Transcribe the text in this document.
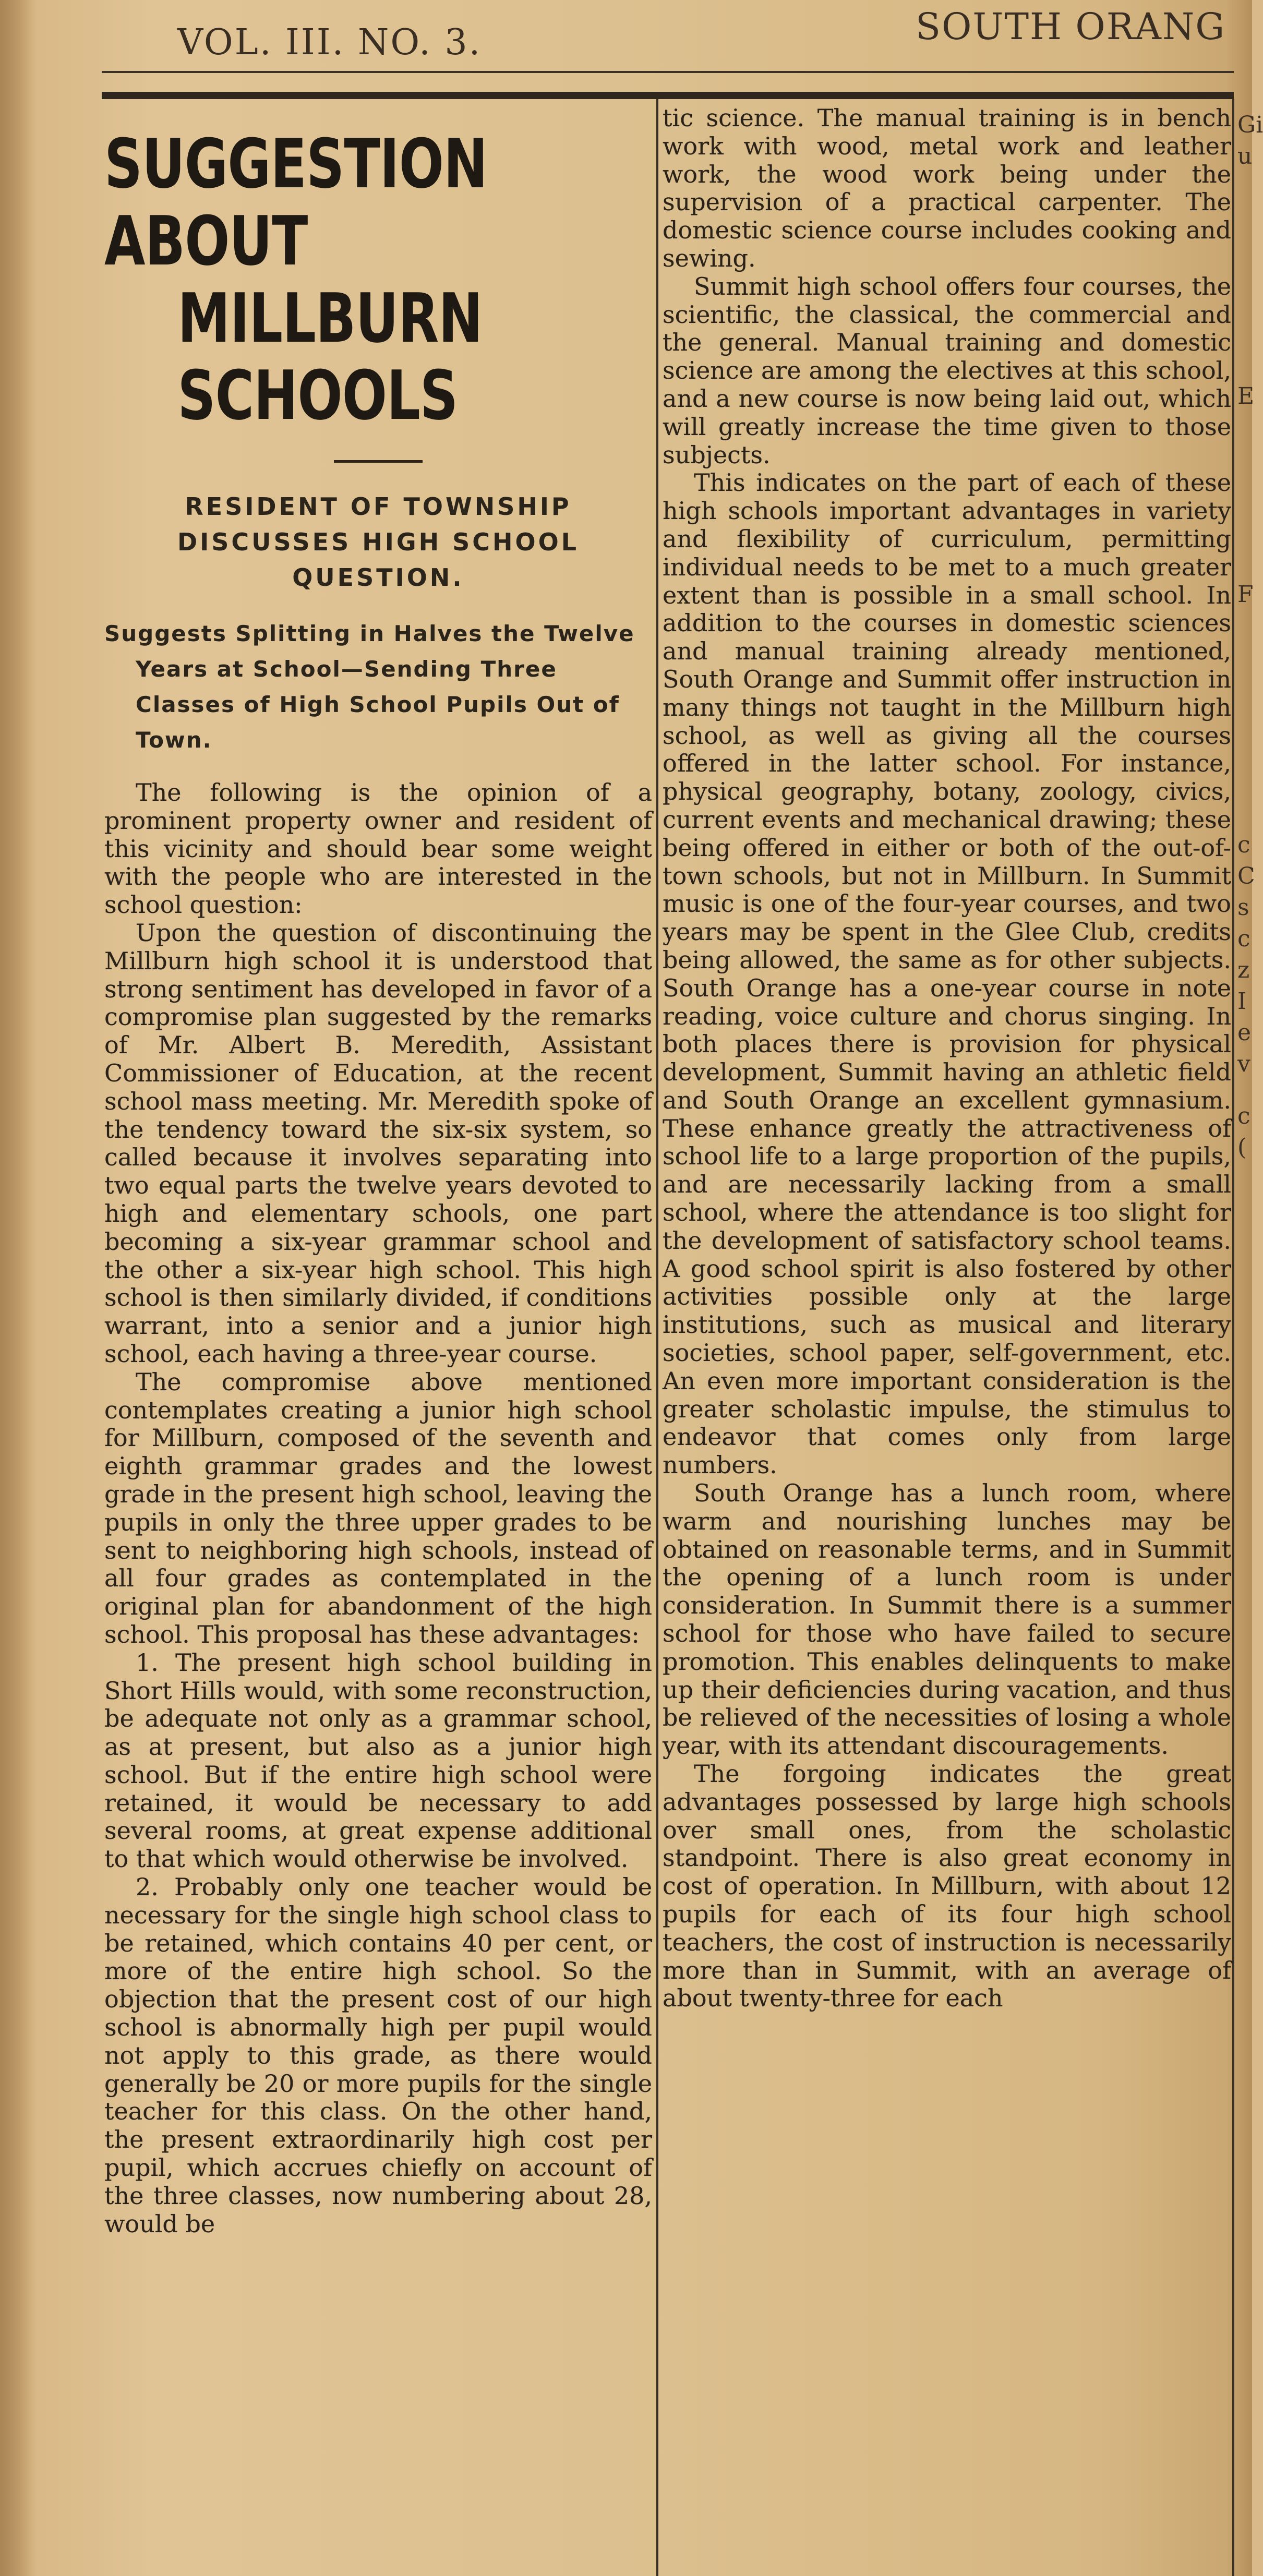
VOL. III. NO. 3.	SOUTH ORANG
SUGGESTION ABOUT
MILLBURN SCHOOLS
RESIDENT OF TOWNSHIP DISCUSSES HIGH SCHOOL QUESTION.
Suggests Splitting in Halves the Twelve Years at School—Sending Three Classes of High School Pupils Out of Town.

The following is the opinion of a prominent property owner and resident of this vicinity and should bear some weight with the people who are interested in the school question:

Upon the question of discontinuing the Millburn high school it is understood that strong sentiment has developed in favor of a compromise plan suggested by the remarks of Mr. Albert B. Meredith, Assistant Commissioner of Education, at the recent school mass meeting. Mr. Meredith spoke of the tendency toward the six-six system, so called because it involves separating into two equal parts the twelve years devoted to high and elementary schools, one part becoming a six-year grammar school and the other a six-year high school. This high school is then similarly divided, if conditions warrant, into a senior and a junior high school, each having a three-year course.

The compromise above mentioned contemplates creating a junior high school for Millburn, composed of the seventh and eighth grammar grades and the lowest grade in the present high school, leaving the pupils in only the three upper grades to be sent to neighboring high schools, instead of all four grades as contemplated in the original plan for abandonment of the high school. This proposal has these advantages:

1. The present high school building in Short Hills would, with some reconstruction, be adequate not only as a grammar school, as at present, but also as a junior high school. But if the entire high school were retained, it would be necessary to add several rooms, at great expense additional to that which would otherwise be involved.

2. Probably only one teacher would be necessary for the single high school class to be retained, which contains 40 per cent, or more of the entire high school. So the objection that the present cost of our high school is abnormally high per pupil would not apply to this grade, as there would generally be 20 or more pupils for the single teacher for this class. On the other hand, the present extraordinarily high cost per pupil, which accrues chiefly on account of the three classes, now numbering about 28, would be

tic science. The manual training is in bench work with wood, metal work and leather work, the wood work being under the supervision of a practical carpenter. The domestic science course includes cooking and sewing.

Summit high school offers four courses, the scientific, the classical, the commercial and the general. Manual training and domestic science are among the electives at this school, and a new course is now being laid out, which will greatly increase the time given to those subjects.

This indicates on the part of each of these high schools important advantages in variety and flexibility of curriculum, permitting individual needs to be met to a much greater extent than is possible in a small school. In addition to the courses in domestic sciences and manual training already mentioned, South Orange and Summit offer instruction in many things not taught in the Millburn high school, as well as giving all the courses offered in the latter school. For instance, physical geography, botany, zoology, civics, current events and mechanical drawing; these being offered in either or both of the out-of-town schools, but not in Millburn. In Summit music is one of the four-year courses, and two years may be spent in the Glee Club, credits being allowed, the same as for other subjects. South Orange has a one-year course in note reading, voice culture and chorus singing. In both places there is provision for physical development, Summit having an athletic field and South Orange an excellent gymnasium. These enhance greatly the attractiveness of school life to a large proportion of the pupils, and are necessarily lacking from a small school, where the attendance is too slight for the development of satisfactory school teams. A good school spirit is also fostered by other activities possible only at the large institutions, such as musical and literary societies, school paper, self-government, etc. An even more important consideration is the greater scholastic impulse, the stimulus to endeavor that comes only from large numbers.

South Orange has a lunch room, where warm and nourishing lunches may be obtained on reasonable terms, and in Summit the opening of a lunch room is under consideration. In Summit there is a summer school for those who have failed to secure promotion. This enables delinquents to make up their deficiencies during vacation, and thus be relieved of the necessities of losing a whole year, with its attendant discouragements.

The forgoing indicates the great advantages possessed by large high schools over small ones, from the scholastic standpoint. There is also great economy in cost of operation. In Millburn, with about 12 pupils for each of its four high school teachers, the cost of instruction is necessarily more than in Summit, with an average of about twenty-three for each

Gi
u
E
F
c
C
s
c
z
I
e
v
c
(
